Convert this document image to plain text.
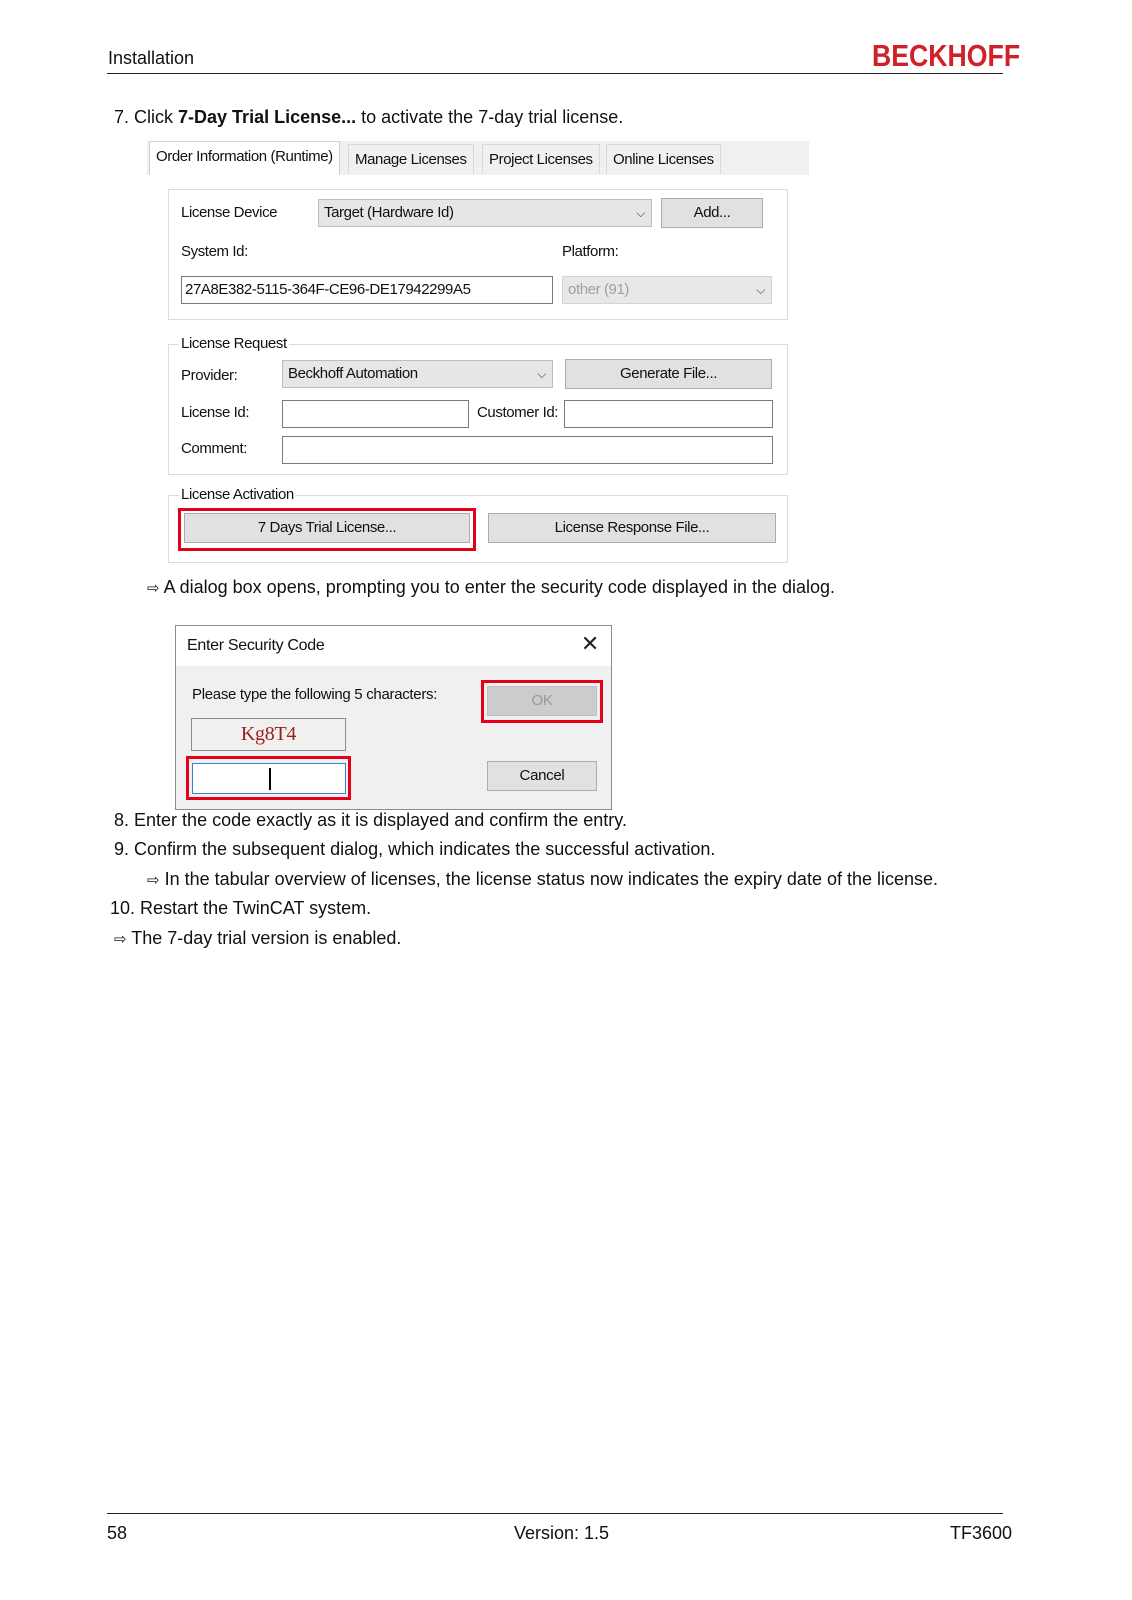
Installation	BECKHOFF
7. Click 7-Day Trial License... to activate the 7-day trial license.
Order Information (Runtime)	Manage Licenses	Project Licenses	Online Licenses
License Device	Target (Hardware Id)	⌵	Add...
System Id:	Platform:
27A8E382-5115-364F-CE96-DE17942299A5	other (91)	⌵
License Request
Provider:	Beckhoff Automation	⌵	Generate File...
License Id:	Customer Id:
Comment:
License Activation
7 Days Trial License...	License Response File...
⇨ A dialog box opens, prompting you to enter the security code displayed in the dialog.
Enter Security Code	✕
Please type the following 5 characters:
Kg8T4
OK
Cancel
8. Enter the code exactly as it is displayed and confirm the entry.
9. Confirm the subsequent dialog, which indicates the successful activation.
⇨ In the tabular overview of licenses, the license status now indicates the expiry date of the license.
10. Restart the TwinCAT system.
⇨ The 7-day trial version is enabled.
58	Version: 1.5	TF3600
